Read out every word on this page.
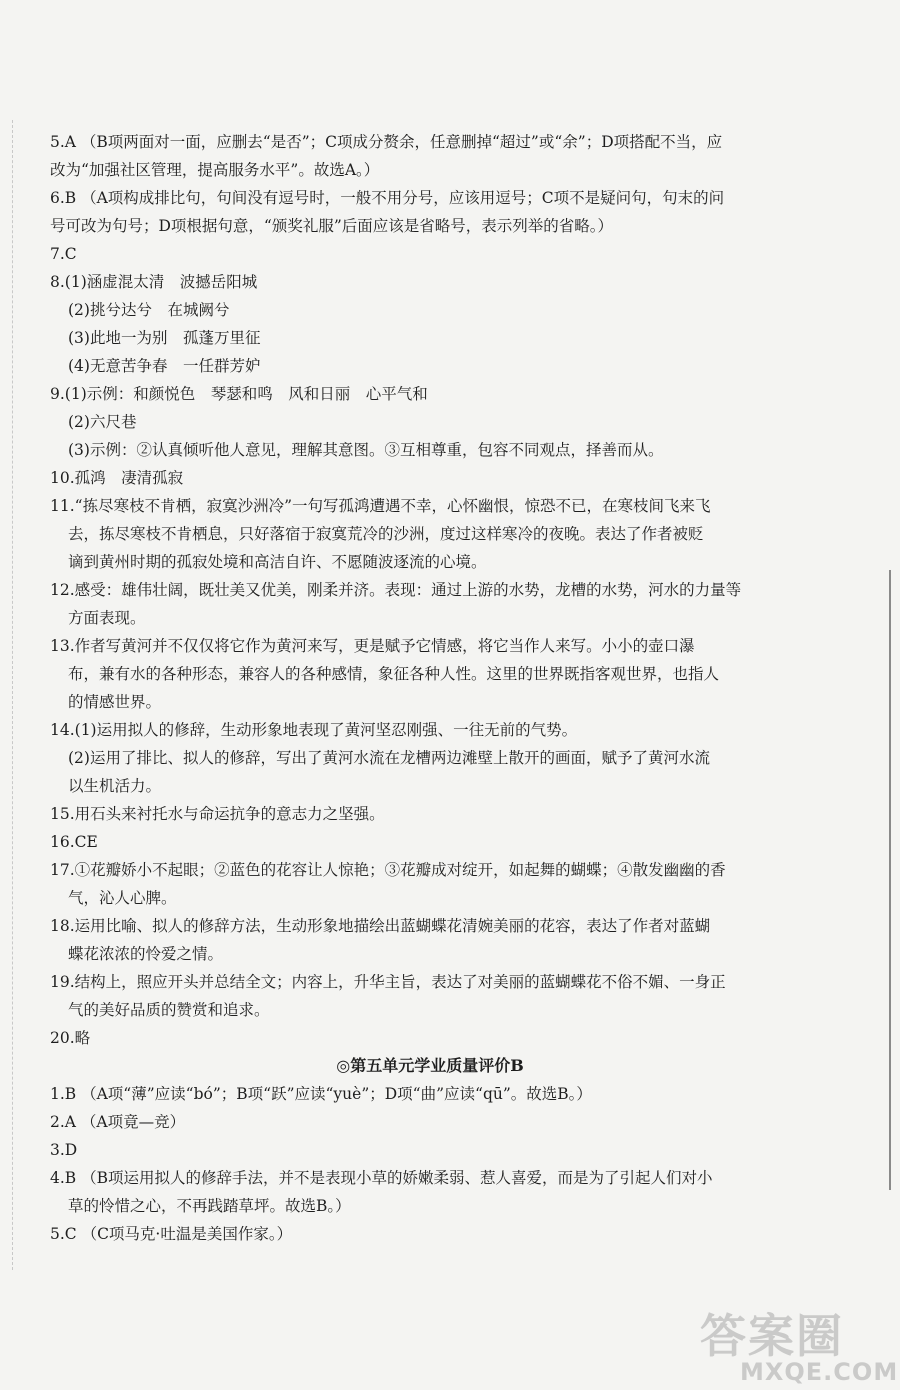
5.A （B项两面对一面，应删去“是否”；C项成分赘余，任意删掉“超过”或“余”；D项搭配不当，应
改为“加强社区管理，提高服务水平”。故选A。）
6.B （A项构成排比句，句间没有逗号时，一般不用分号，应该用逗号；C项不是疑问句，句末的问
号可改为句号；D项根据句意，“颁奖礼服”后面应该是省略号，表示列举的省略。）
7.C
8.(1)涵虚混太清　波撼岳阳城
(2)挑兮达兮　在城阙兮
(3)此地一为别　孤蓬万里征
(4)无意苦争春　一任群芳妒
9.(1)示例：和颜悦色　琴瑟和鸣　风和日丽　心平气和
(2)六尺巷
(3)示例：②认真倾听他人意见，理解其意图。③互相尊重，包容不同观点，择善而从。
10.孤鸿　凄清孤寂
11.“拣尽寒枝不肯栖，寂寞沙洲冷”一句写孤鸿遭遇不幸，心怀幽恨，惊恐不已，在寒枝间飞来飞
去，拣尽寒枝不肯栖息，只好落宿于寂寞荒冷的沙洲，度过这样寒冷的夜晚。表达了作者被贬
谪到黄州时期的孤寂处境和高洁自许、不愿随波逐流的心境。
12.感受：雄伟壮阔，既壮美又优美，刚柔并济。表现：通过上游的水势，龙槽的水势，河水的力量等
方面表现。
13.作者写黄河并不仅仅将它作为黄河来写，更是赋予它情感，将它当作人来写。小小的壶口瀑
布，兼有水的各种形态，兼容人的各种感情，象征各种人性。这里的世界既指客观世界，也指人
的情感世界。
14.(1)运用拟人的修辞，生动形象地表现了黄河坚忍刚强、一往无前的气势。
(2)运用了排比、拟人的修辞，写出了黄河水流在龙槽两边滩壁上散开的画面，赋予了黄河水流
以生机活力。
15.用石头来衬托水与命运抗争的意志力之坚强。
16.CE
17.①花瓣娇小不起眼；②蓝色的花容让人惊艳；③花瓣成对绽开，如起舞的蝴蝶；④散发幽幽的香
气，沁人心脾。
18.运用比喻、拟人的修辞方法，生动形象地描绘出蓝蝴蝶花清婉美丽的花容，表达了作者对蓝蝴
蝶花浓浓的怜爱之情。
19.结构上，照应开头并总结全文；内容上，升华主旨，表达了对美丽的蓝蝴蝶花不俗不媚、一身正
气的美好品质的赞赏和追求。
20.略
◎第五单元学业质量评价B
1.B （A项“薄”应读“bó”；B项“跃”应读“yuè”；D项“曲”应读“qū”。故选B。）
2.A （A项竟—竞）
3.D
4.B （B项运用拟人的修辞手法，并不是表现小草的娇嫩柔弱、惹人喜爱，而是为了引起人们对小
草的怜惜之心，不再践踏草坪。故选B。）
5.C （C项马克·吐温是美国作家。）
答案圈
MXQE.COM
